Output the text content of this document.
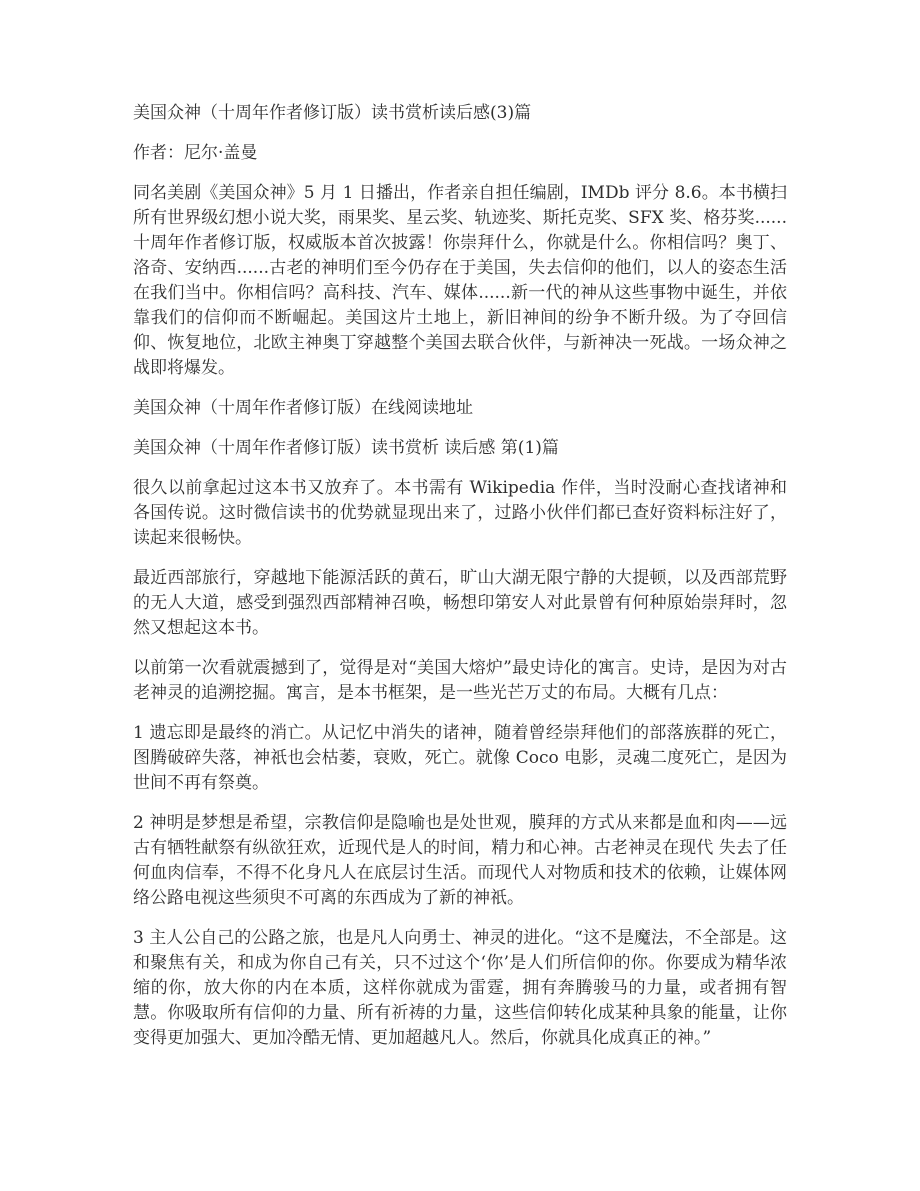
美国众神（十周年作者修订版）读书赏析读后感(3)篇

作者：尼尔·盖曼

同名美剧《美国众神》5 月 1 日播出，作者亲自担任编剧，IMDb 评分 8.6。本书横扫所有世界级幻想小说大奖，雨果奖、星云奖、轨迹奖、斯托克奖、SFX 奖、格芬奖......十周年作者修订版，权威版本首次披露！你崇拜什么，你就是什么。你相信吗？奥丁、洛奇、安纳西......古老的神明们至今仍存在于美国，失去信仰的他们，以人的姿态生活在我们当中。你相信吗？高科技、汽车、媒体......新一代的神从这些事物中诞生，并依靠我们的信仰而不断崛起。美国这片土地上，新旧神间的纷争不断升级。为了夺回信仰、恢复地位，北欧主神奥丁穿越整个美国去联合伙伴，与新神决一死战。一场众神之战即将爆发。

美国众神（十周年作者修订版）在线阅读地址

美国众神（十周年作者修订版）读书赏析 读后感 第(1)篇

很久以前拿起过这本书又放弃了。本书需有 Wikipedia 作伴，当时没耐心查找诸神和各国传说。这时微信读书的优势就显现出来了，过路小伙伴们都已查好资料标注好了，读起来很畅快。

最近西部旅行，穿越地下能源活跃的黄石，旷山大湖无限宁静的大提顿，以及西部荒野的无人大道，感受到强烈西部精神召唤，畅想印第安人对此景曾有何种原始崇拜时，忽然又想起这本书。

以前第一次看就震撼到了，觉得是对“美国大熔炉”最史诗化的寓言。史诗，是因为对古老神灵的追溯挖掘。寓言，是本书框架，是一些光芒万丈的布局。大概有几点：

1 遗忘即是最终的消亡。从记忆中消失的诸神，随着曾经崇拜他们的部落族群的死亡，图腾破碎失落，神祇也会枯萎，衰败，死亡。就像 Coco 电影，灵魂二度死亡，是因为世间不再有祭奠。

2 神明是梦想是希望，宗教信仰是隐喻也是处世观，膜拜的方式从来都是血和肉——远古有牺牲献祭有纵欲狂欢，近现代是人的时间，精力和心神。古老神灵在现代 失去了任何血肉信奉，不得不化身凡人在底层讨生活。而现代人对物质和技术的依赖，让媒体网络公路电视这些须臾不可离的东西成为了新的神祇。

3 主人公自己的公路之旅，也是凡人向勇士、神灵的进化。“这不是魔法，不全部是。这和聚焦有关，和成为你自己有关，只不过这个‘你’是人们所信仰的你。你要成为精华浓缩的你，放大你的内在本质，这样你就成为雷霆，拥有奔腾骏马的力量，或者拥有智慧。你吸取所有信仰的力量、所有祈祷的力量，这些信仰转化成某种具象的能量，让你变得更加强大、更加冷酷无情、更加超越凡人。然后，你就具化成真正的神。”
